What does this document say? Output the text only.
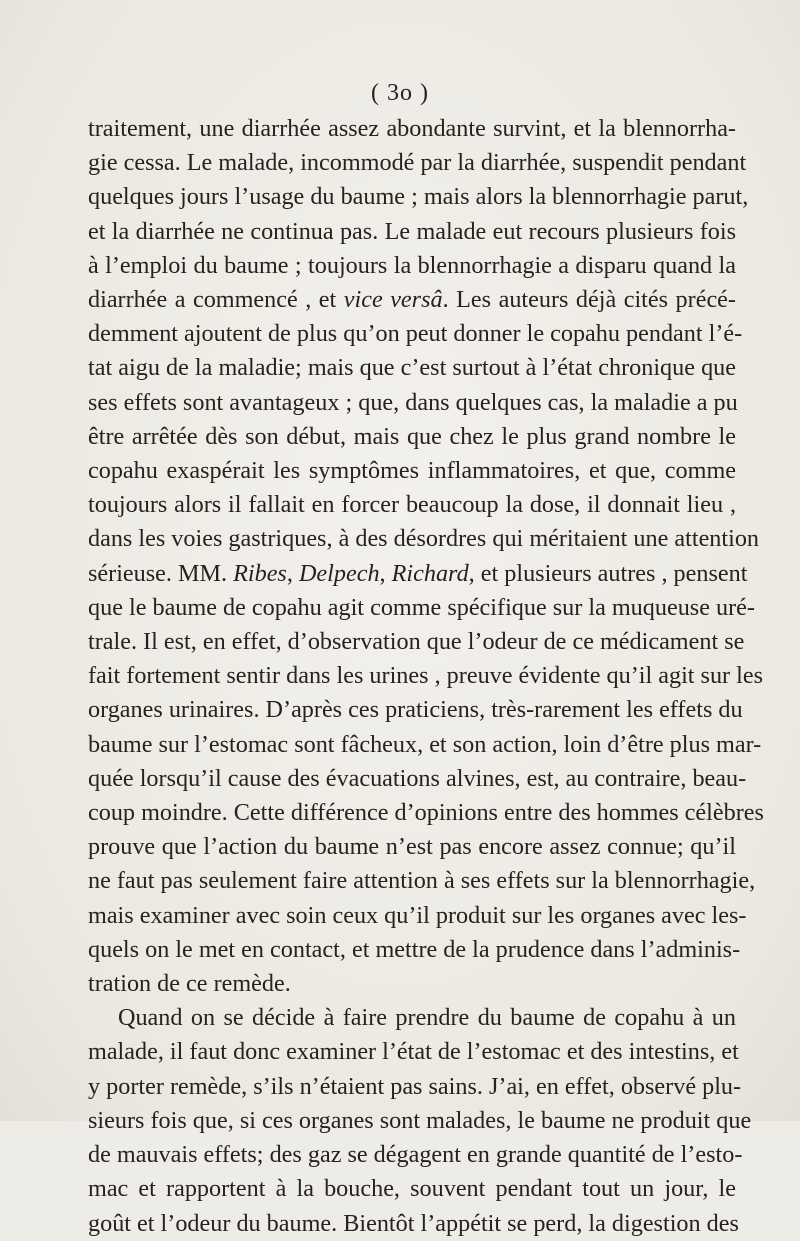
( 3o )
traitement, une diarrhée assez abondante survint, et la blennorrha-
gie cessa. Le malade, incommodé par la diarrhée, suspendit pendant
quelques jours l’usage du baume ; mais alors la blennorrhagie parut,
et la diarrhée ne continua pas. Le malade eut recours plusieurs fois
à l’emploi du baume ; toujours la blennorrhagie a disparu quand la
diarrhée a commencé , et vice versâ. Les auteurs déjà cités précé-
demment ajoutent de plus qu’on peut donner le copahu pendant l’é-
tat aigu de la maladie; mais que c’est surtout à l’état chronique que
ses effets sont avantageux ; que, dans quelques cas, la maladie a pu
être arrêtée dès son début, mais que chez le plus grand nombre le
copahu exaspérait les symptômes inflammatoires, et que, comme
toujours alors il fallait en forcer beaucoup la dose, il donnait lieu ,
dans les voies gastriques, à des désordres qui méritaient une attention
sérieuse. MM. Ribes, Delpech, Richard, et plusieurs autres , pensent
que le baume de copahu agit comme spécifique sur la muqueuse uré-
trale. Il est, en effet, d’observation que l’odeur de ce médicament se
fait fortement sentir dans les urines , preuve évidente qu’il agit sur les
organes urinaires. D’après ces praticiens, très-rarement les effets du
baume sur l’estomac sont fâcheux, et son action, loin d’être plus mar-
quée lorsqu’il cause des évacuations alvines, est, au contraire, beau-
coup moindre. Cette différence d’opinions entre des hommes célèbres
prouve que l’action du baume n’est pas encore assez connue; qu’il
ne faut pas seulement faire attention à ses effets sur la blennorrhagie,
mais examiner avec soin ceux qu’il produit sur les organes avec les-
quels on le met en contact, et mettre de la prudence dans l’adminis-
tration de ce remède.
Quand on se décide à faire prendre du baume de copahu à un
malade, il faut donc examiner l’état de l’estomac et des intestins, et
y porter remède, s’ils n’étaient pas sains. J’ai, en effet, observé plu-
sieurs fois que, si ces organes sont malades, le baume ne produit que
de mauvais effets; des gaz se dégagent en grande quantité de l’esto-
mac et rapportent à la bouche, souvent pendant tout un jour, le
goût et l’odeur du baume. Bientôt l’appétit se perd, la digestion des
